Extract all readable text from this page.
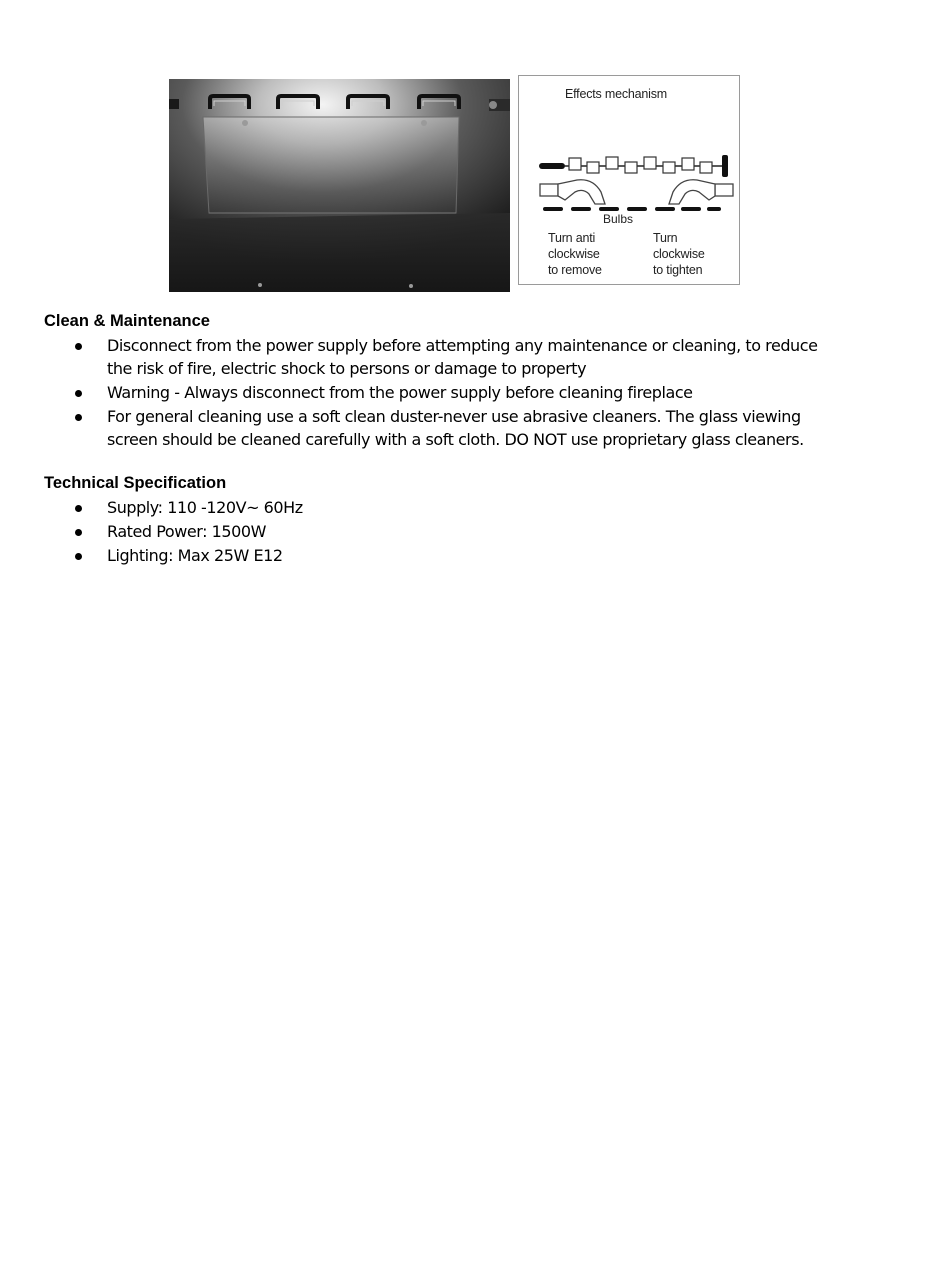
Effects mechanism
Bulbs
Turn anti
clockwise
to remove
Turn
clockwise
to tighten
Clean & Maintenance
Disconnect from the power supply before attempting any maintenance or cleaning, to reduce the risk of fire, electric shock to persons or damage to property
Warning - Always disconnect from the power supply before cleaning fireplace
For general cleaning use a soft clean duster-never use abrasive cleaners. The glass viewing screen should be cleaned carefully with a soft cloth. DO NOT use proprietary glass cleaners.
Technical Specification
Supply: 110 -120V~ 60Hz
Rated Power: 1500W
Lighting: Max 25W E12
